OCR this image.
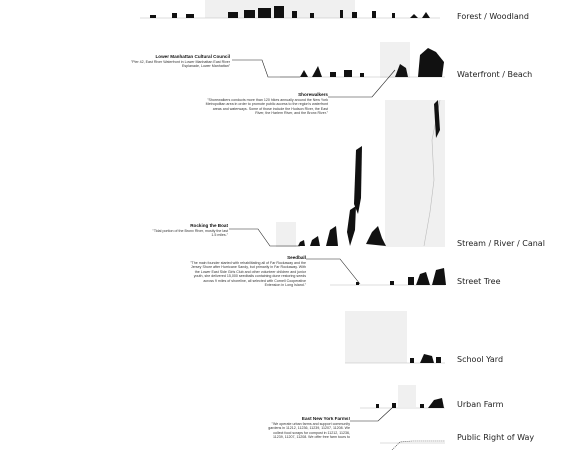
Forest / Woodland
Waterfront / Beach
Stream / River / Canal
Street Tree
School Yard
Urban Farm
Public Right of Way
Lower Manhattan Cultural Council
"Pier 42, East River Waterfront in Lower Manhattan East River Esplanade, Lower Manhattan"
Shorewalkers
"Shorewalkers conducts more than 120 hikes annually around the New York Metropolitan area in order to promote public access to the region's waterfront areas and waterways. Some of those include the Hudson River, the East River, the Harlem River, and the Bronx River."
Rocking the Boat
"Tidal portion of the Bronx River, mostly the last 1.5 miles."
Seedball
"The main founder started with rehabilitating all of Far Rockaway and the Jersey Shore after Hurricane Sandy, but primarily in Far Rockaway. With the Lower East Side Girls Club and other volunteer children and junior youth, she delivered 15,000 seedballs containing dune restoring seeds across 9 miles of shoreline, all selected with Cornell Cooperative Extension in Long Island."
East New York Farms!
"We operate urban farms and support community gardens in 11212, 11236, 11239, 11207, 11208. We collect food scraps for compost in 11212, 11236, 11239, 11207, 11208. We offer free farm tours to
